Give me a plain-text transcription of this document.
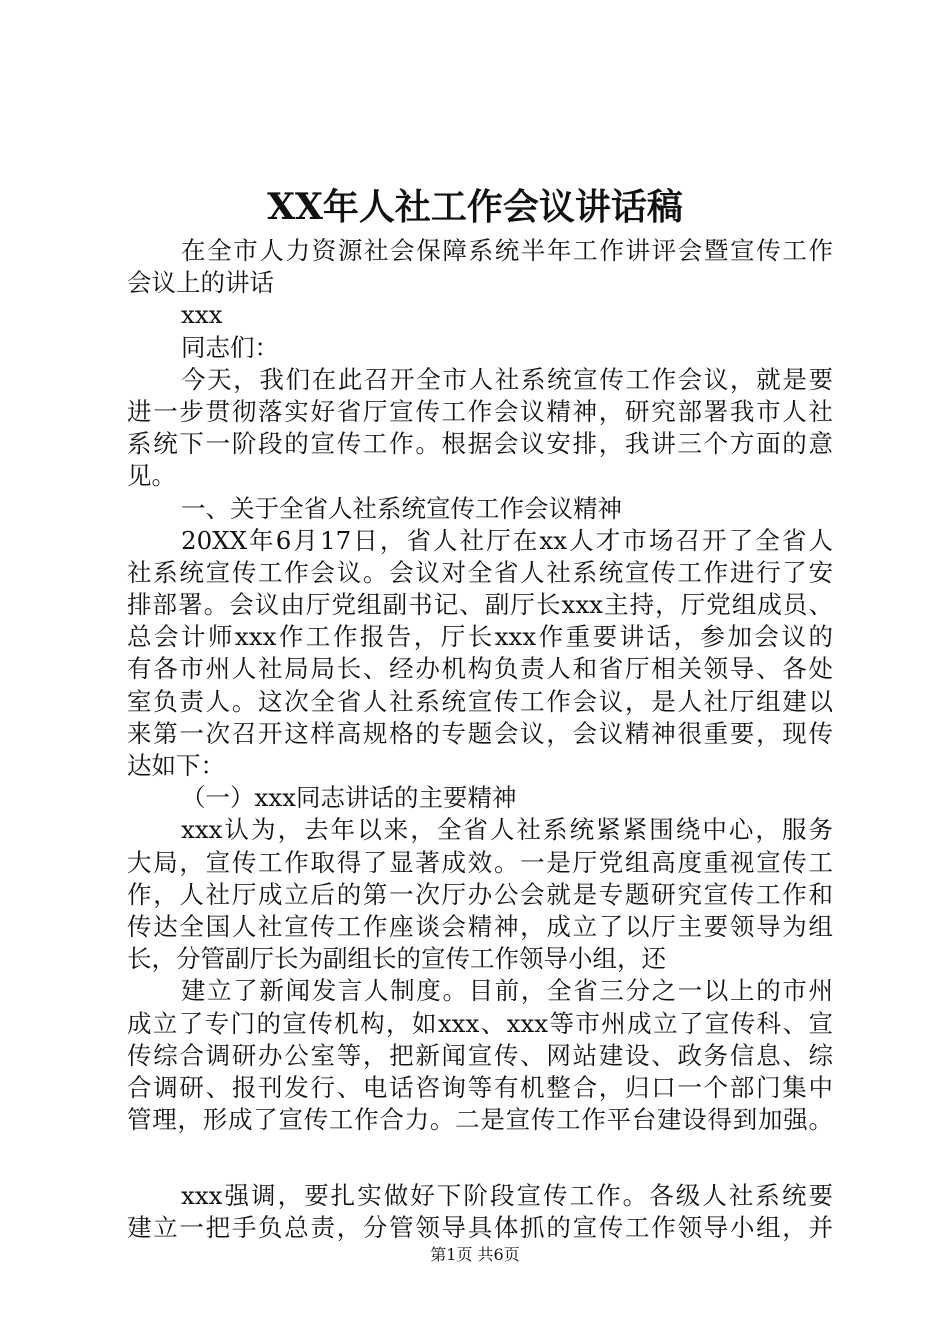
XX年人社工作会议讲话稿
在全市人力资源社会保障系统半年工作讲评会暨宣传工作
会议上的讲话
xxx
同志们：
今天，我们在此召开全市人社系统宣传工作会议，就是要
进一步贯彻落实好省厅宣传工作会议精神，研究部署我市人社
系统下一阶段的宣传工作。根据会议安排，我讲三个方面的意
见。
一、关于全省人社系统宣传工作会议精神
20XX年6月17日，省人社厅在xx人才市场召开了全省人
社系统宣传工作会议。会议对全省人社系统宣传工作进行了安
排部署。会议由厅党组副书记、副厅长xxx主持，厅党组成员、
总会计师xxx作工作报告，厅长xxx作重要讲话，参加会议的
有各市州人社局局长、经办机构负责人和省厅相关领导、各处
室负责人。这次全省人社系统宣传工作会议，是人社厅组建以
来第一次召开这样高规格的专题会议，会议精神很重要，现传
达如下：
（一）xxx同志讲话的主要精神
xxx认为，去年以来，全省人社系统紧紧围绕中心，服务
大局，宣传工作取得了显著成效。一是厅党组高度重视宣传工
作，人社厅成立后的第一次厅办公会就是专题研究宣传工作和
传达全国人社宣传工作座谈会精神，成立了以厅主要领导为组
长，分管副厅长为副组长的宣传工作领导小组，还
建立了新闻发言人制度。目前，全省三分之一以上的市州
成立了专门的宣传机构，如xxx、xxx等市州成立了宣传科、宣
传综合调研办公室等，把新闻宣传、网站建设、政务信息、综
合调研、报刊发行、电话咨询等有机整合，归口一个部门集中
管理，形成了宣传工作合力。二是宣传工作平台建设得到加强。
xxx强调，要扎实做好下阶段宣传工作。各级人社系统要
建立一把手负总责，分管领导具体抓的宣传工作领导小组，并
第1页 共6页
